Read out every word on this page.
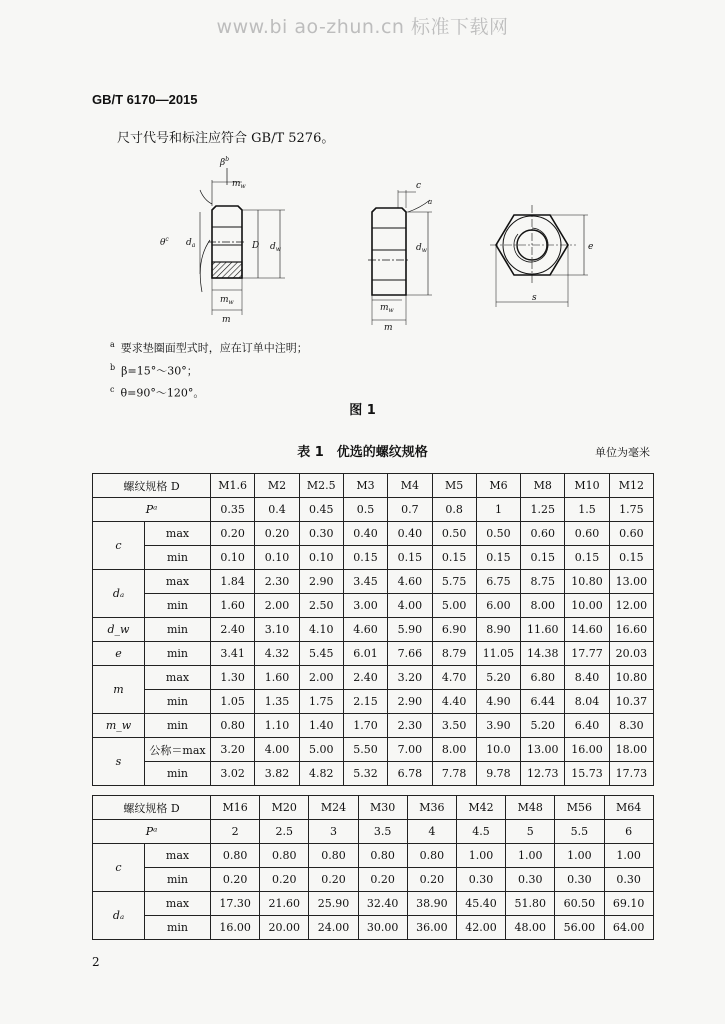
www.bi ao-zhun.cn 标准下载网
GB/T 6170—2015
尺寸代号和标注应符合 GB/T 5276。
$\beta^b$
$m_w$
$\theta^c$ $d_a$	D $d_w$
$m_w$
m
c
a
$d_w$
$m_w$
m
e
s
$^a$ 要求垫圈面型式时，应在订单中注明；
$^b$ β=15°～30°；
$^c$ θ=90°～120°。
图 1
表 1　优选的螺纹规格	单位为毫米
螺纹规格 D		M1.6	M2	M2.5	M3	M4	M5	M6	M8	M10	M12
Pᵃ		0.35	0.4	0.45	0.5	0.7	0.8	1	1.25	1.5	1.75
c	max	0.20	0.20	0.30	0.40	0.40	0.50	0.50	0.60	0.60	0.60
	min	0.10	0.10	0.10	0.15	0.15	0.15	0.15	0.15	0.15	0.15
dₐ	max	1.84	2.30	2.90	3.45	4.60	5.75	6.75	8.75	10.80	13.00
	min	1.60	2.00	2.50	3.00	4.00	5.00	6.00	8.00	10.00	12.00
d_w	min	2.40	3.10	4.10	4.60	5.90	6.90	8.90	11.60	14.60	16.60
e	min	3.41	4.32	5.45	6.01	7.66	8.79	11.05	14.38	17.77	20.03
m	max	1.30	1.60	2.00	2.40	3.20	4.70	5.20	6.80	8.40	10.80
	min	1.05	1.35	1.75	2.15	2.90	4.40	4.90	6.44	8.04	10.37
m_w	min	0.80	1.10	1.40	1.70	2.30	3.50	3.90	5.20	6.40	8.30
s	公称＝max	3.20	4.00	5.00	5.50	7.00	8.00	10.0	13.00	16.00	18.00
	min	3.02	3.82	4.82	5.32	6.78	7.78	9.78	12.73	15.73	17.73
螺纹规格 D		M16	M20	M24	M30	M36	M42	M48	M56	M64
Pᵃ		2	2.5	3	3.5	4	4.5	5	5.5	6
c	max	0.80	0.80	0.80	0.80	0.80	1.00	1.00	1.00	1.00
	min	0.20	0.20	0.20	0.20	0.20	0.30	0.30	0.30	0.30
dₐ	max	17.30	21.60	25.90	32.40	38.90	45.40	51.80	60.50	69.10
	min	16.00	20.00	24.00	30.00	36.00	42.00	48.00	56.00	64.00
2
